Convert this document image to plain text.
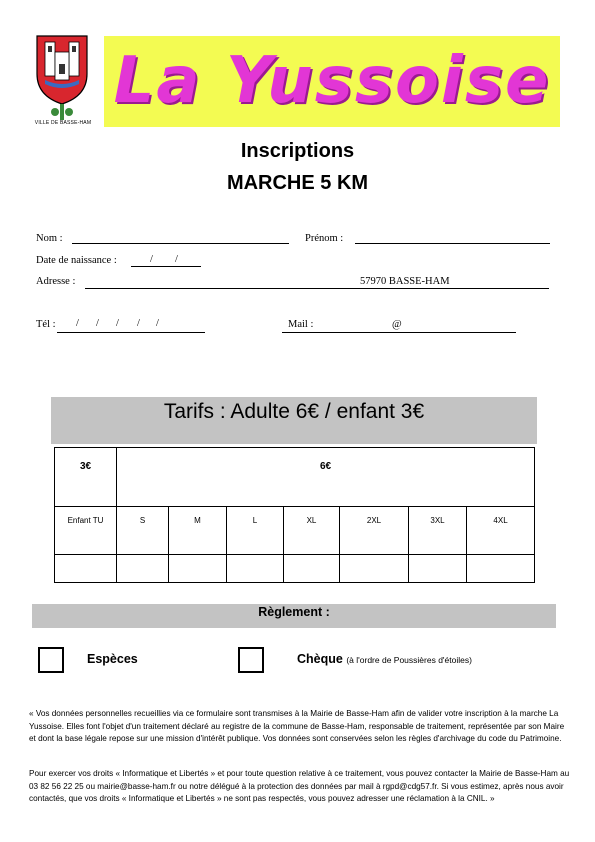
VILLE DE BASSE-HAM
La Yussoise
Inscriptions
MARCHE 5 KM
Nom :	Prénom :
Date de naissance :	/ /
Adresse :	57970 BASSE-HAM
Tél : / / / / /	Mail :	@
Tarifs : Adulte 6€ / enfant 3€
3€	6€						
Enfant TU	S	M	L	XL	2XL	3XL	4XL

Règlement :
Espèces	Chèque (à l'ordre de Poussières d'étoiles)
« Vos données personnelles recueillies via ce formulaire sont transmises à la Mairie de Basse-Ham afin de valider votre inscription à la marche La Yussoise. Elles font l'objet d'un traitement déclaré au registre de la commune de Basse-Ham, responsable de traitement, représentée par son Maire et dont la base légale repose sur une mission d'intérêt publique. Vos données sont conservées selon les règles d'archivage du code du Patrimoine.
Pour exercer vos droits « Informatique et Libertés » et pour toute question relative à ce traitement, vous pouvez contacter la Mairie de Basse-Ham au 03 82 56 22 25 ou mairie@basse-ham.fr ou notre délégué à la protection des données par mail à rgpd@cdg57.fr. Si vous estimez, après nous avoir contactés, que vos droits « Informatique et Libertés » ne sont pas respectés, vous pouvez adresser une réclamation à la CNIL. »
